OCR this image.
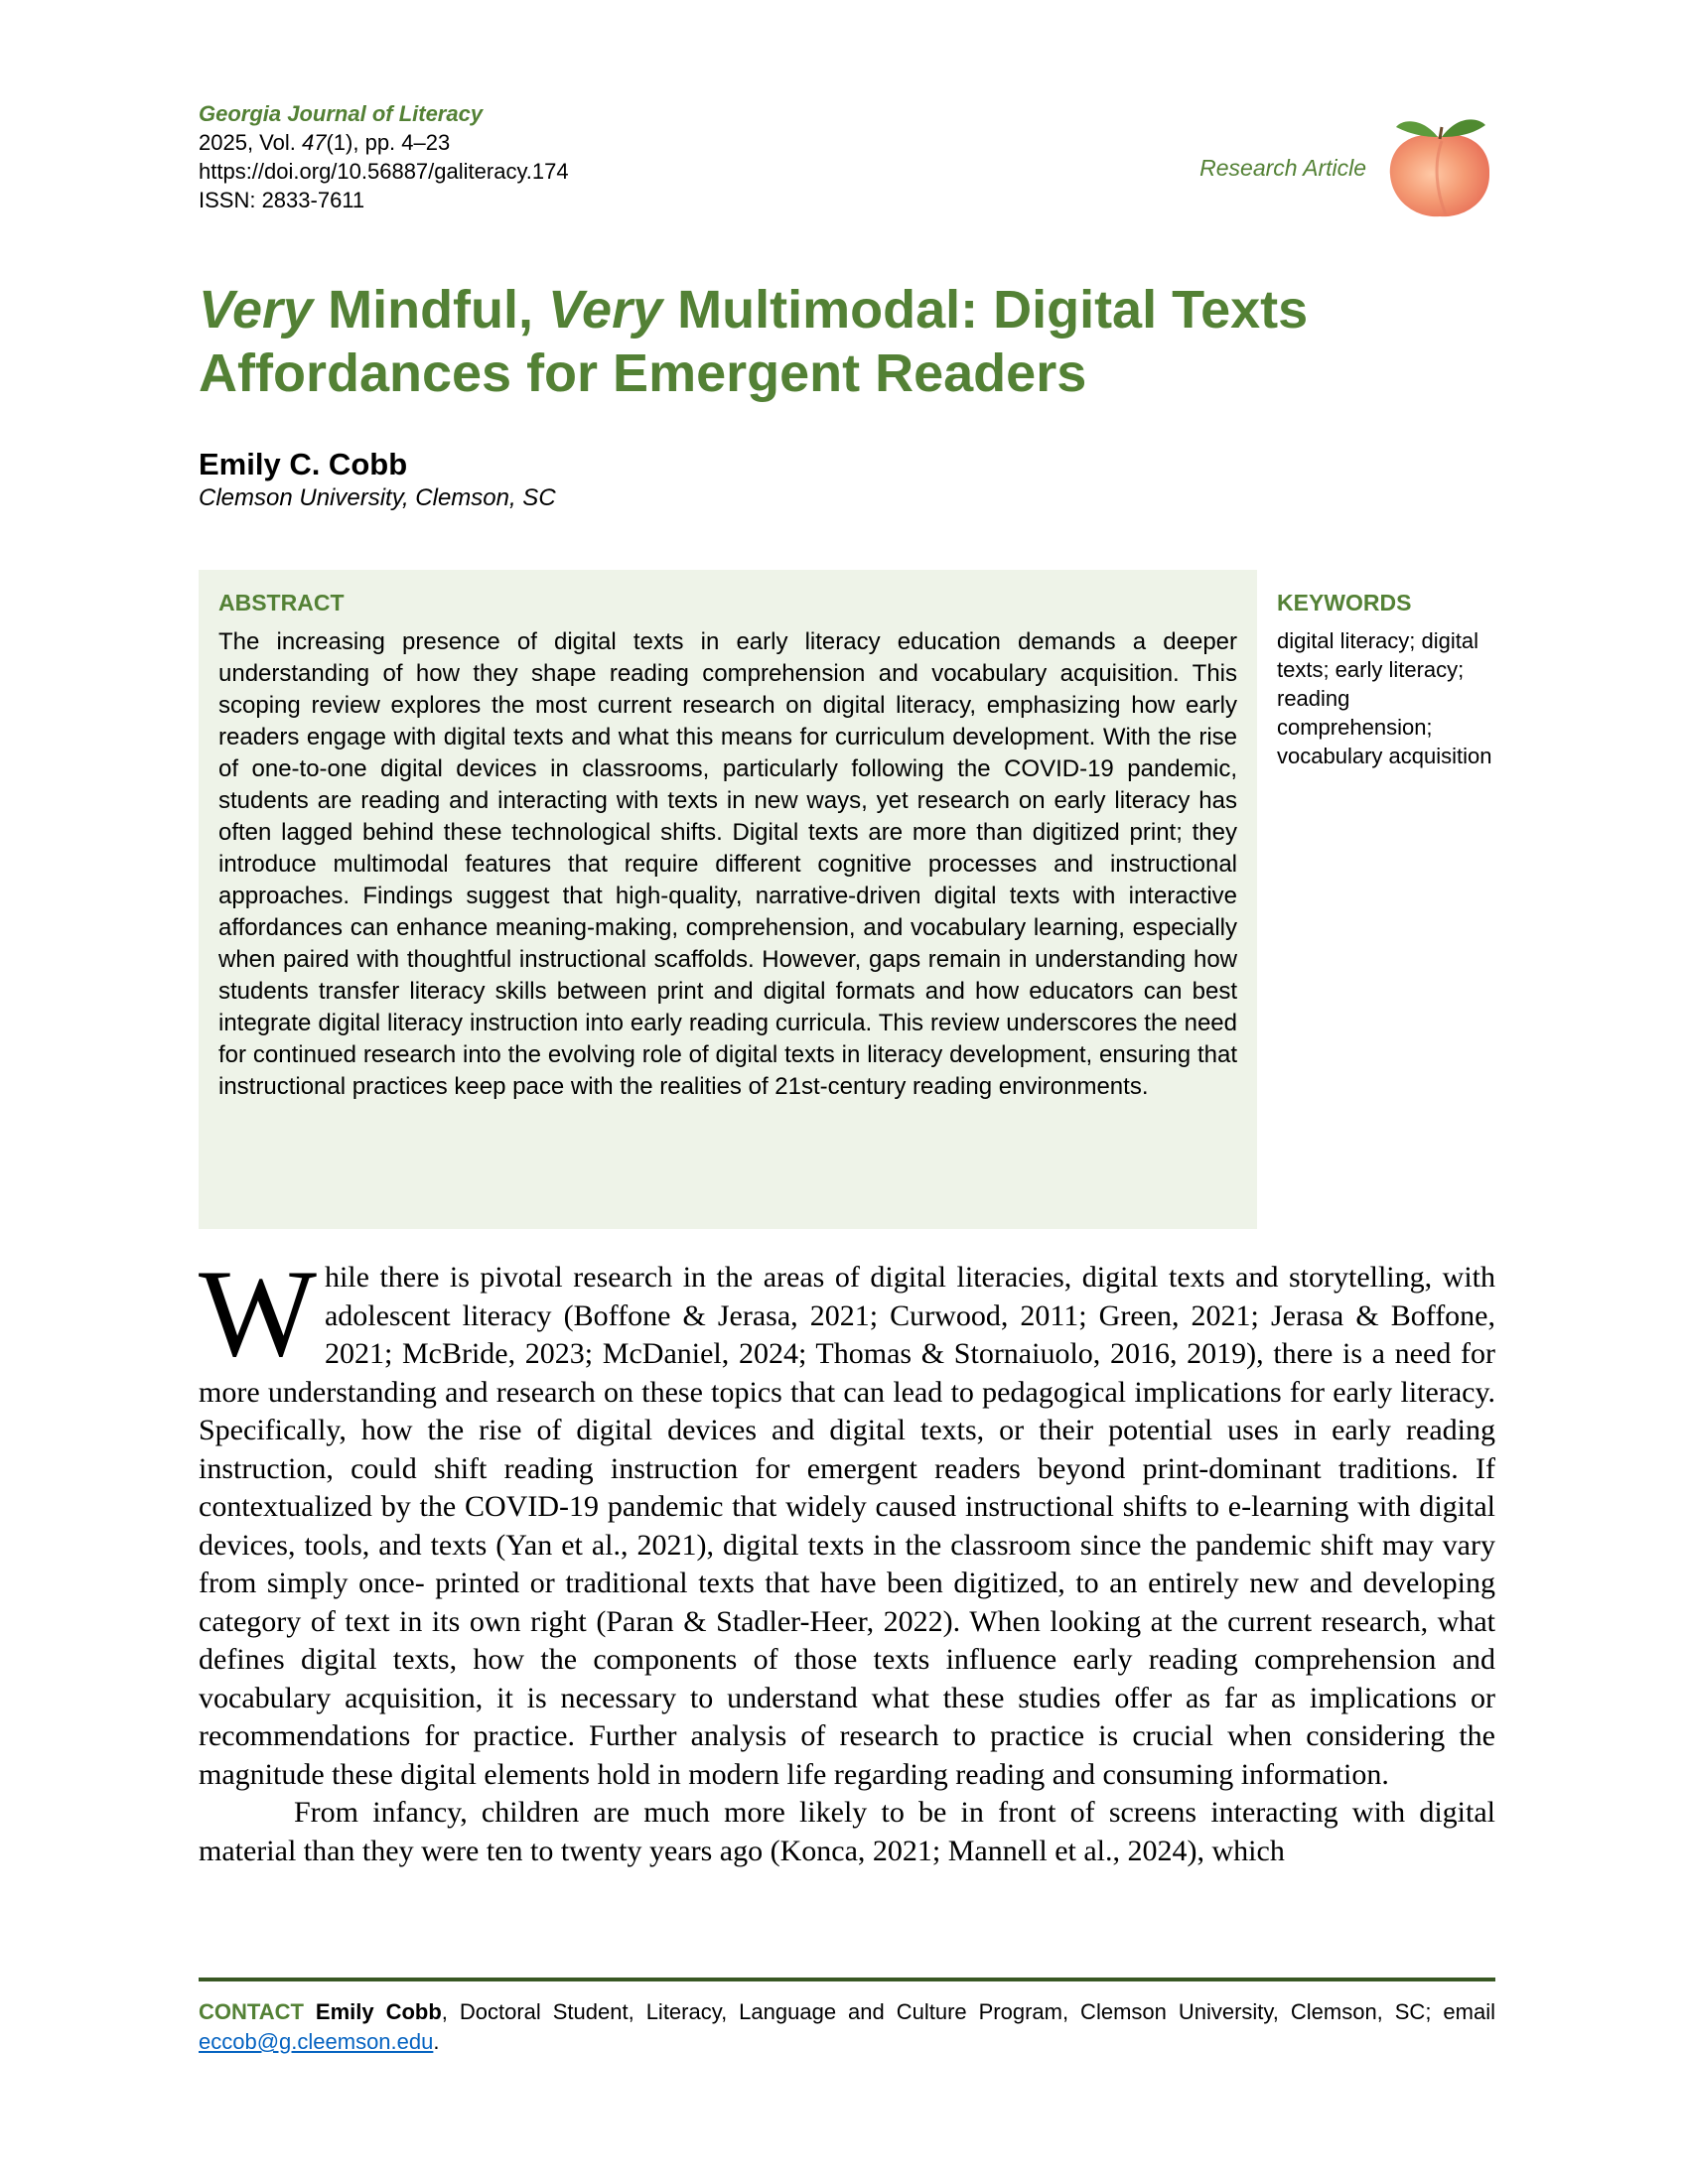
Georgia Journal of Literacy
2025, Vol. 47(1), pp. 4–23
https://doi.org/10.56887/galiteracy.174
ISSN: 2833-7611
Research Article
Very Mindful, Very Multimodal: Digital Texts Affordances for Emergent Readers
Emily C. Cobb
Clemson University, Clemson, SC
ABSTRACT

The increasing presence of digital texts in early literacy education demands a deeper understanding of how they shape reading comprehension and vocabulary acquisition. This scoping review explores the most current research on digital literacy, emphasizing how early readers engage with digital texts and what this means for curriculum development. With the rise of one-to-one digital devices in classrooms, particularly following the COVID-19 pandemic, students are reading and interacting with texts in new ways, yet research on early literacy has often lagged behind these technological shifts. Digital texts are more than digitized print; they introduce multimodal features that require different cognitive processes and instructional approaches. Findings suggest that high-quality, narrative-driven digital texts with interactive affordances can enhance meaning-making, comprehension, and vocabulary learning, especially when paired with thoughtful instructional scaffolds. However, gaps remain in understanding how students transfer literacy skills between print and digital formats and how educators can best integrate digital literacy instruction into early reading curricula. This review underscores the need for continued research into the evolving role of digital texts in literacy development, ensuring that instructional practices keep pace with the realities of 21st-century reading environments.

KEYWORDS
digital literacy; digital texts; early literacy; reading comprehension; vocabulary acquisition

While there is pivotal research in the areas of digital literacies, digital texts and storytelling, with adolescent literacy (Boffone & Jerasa, 2021; Curwood, 2011; Green, 2021; Jerasa & Boffone, 2021; McBride, 2023; McDaniel, 2024; Thomas & Stornaiuolo, 2016, 2019), there is a need for more understanding and research on these topics that can lead to pedagogical implications for early literacy. Specifically, how the rise of digital devices and digital texts, or their potential uses in early reading instruction, could shift reading instruction for emergent readers beyond print-dominant traditions. If contextualized by the COVID-19 pandemic that widely caused instructional shifts to e-learning with digital devices, tools, and texts (Yan et al., 2021), digital texts in the classroom since the pandemic shift may vary from simply once- printed or traditional texts that have been digitized, to an entirely new and developing category of text in its own right (Paran & Stadler-Heer, 2022). When looking at the current research, what defines digital texts, how the components of those texts influence early reading comprehension and vocabulary acquisition, it is necessary to understand what these studies offer as far as implications or recommendations for practice. Further analysis of research to practice is crucial when considering the magnitude these digital elements hold in modern life regarding reading and consuming information.

From infancy, children are much more likely to be in front of screens interacting with digital material than they were ten to twenty years ago (Konca, 2021; Mannell et al., 2024), which

CONTACT Emily Cobb, Doctoral Student, Literacy, Language and Culture Program, Clemson University, Clemson, SC; email eccob@g.cleemson.edu.
